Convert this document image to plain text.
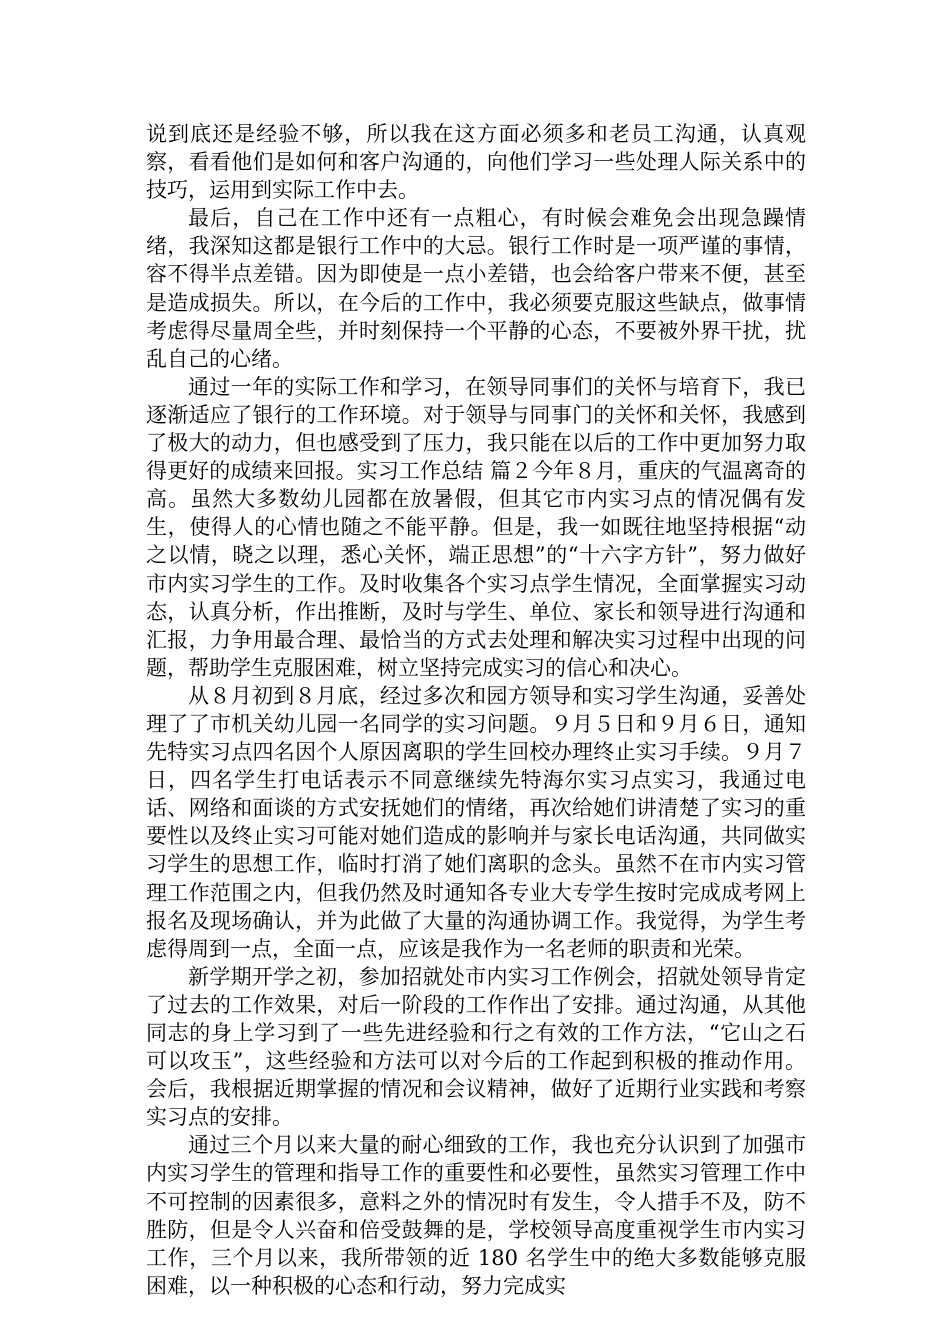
说到底还是经验不够，所以我在这方面必须多和老员工沟通，认真观察，看看他们是如何和客户沟通的，向他们学习一些处理人际关系中的技巧，运用到实际工作中去。

最后，自己在工作中还有一点粗心，有时候会难免会出现急躁情绪，我深知这都是银行工作中的大忌。银行工作时是一项严谨的事情，容不得半点差错。因为即使是一点小差错，也会给客户带来不便，甚至是造成损失。所以，在今后的工作中，我必须要克服这些缺点，做事情考虑得尽量周全些，并时刻保持一个平静的心态，不要被外界干扰，扰乱自己的心绪。

通过一年的实际工作和学习，在领导同事们的关怀与培育下，我已逐渐适应了银行的工作环境。对于领导与同事门的关怀和关怀，我感到了极大的动力，但也感受到了压力，我只能在以后的工作中更加努力取得更好的成绩来回报。实习工作总结 篇２今年８月，重庆的气温离奇的高。虽然大多数幼儿园都在放暑假，但其它市内实习点的情况偶有发生，使得人的心情也随之不能平静。但是，我一如既往地坚持根据“动之以情，晓之以理，悉心关怀，端正思想”的“十六字方针”，努力做好市内实习学生的工作。及时收集各个实习点学生情况，全面掌握实习动态，认真分析，作出推断，及时与学生、单位、家长和领导进行沟通和汇报，力争用最合理、最恰当的方式去处理和解决实习过程中出现的问题，帮助学生克服困难，树立坚持完成实习的信心和决心。

从８月初到８月底，经过多次和园方领导和实习学生沟通，妥善处理了了市机关幼儿园一名同学的实习问题。９月５日和９月６日，通知先特实习点四名因个人原因离职的学生回校办理终止实习手续。９月７日，四名学生打电话表示不同意继续先特海尔实习点实习，我通过电话、网络和面谈的方式安抚她们的情绪，再次给她们讲清楚了实习的重要性以及终止实习可能对她们造成的影响并与家长电话沟通，共同做实习学生的思想工作，临时打消了她们离职的念头。虽然不在市内实习管理工作范围之内，但我仍然及时通知各专业大专学生按时完成成考网上报名及现场确认，并为此做了大量的沟通协调工作。我觉得，为学生考虑得周到一点，全面一点，应该是我作为一名老师的职责和光荣。

新学期开学之初，参加招就处市内实习工作例会，招就处领导肯定了过去的工作效果，对后一阶段的工作作出了安排。通过沟通，从其他同志的身上学习到了一些先进经验和行之有效的工作方法，“它山之石可以攻玉”，这些经验和方法可以对今后的工作起到积极的推动作用。会后，我根据近期掌握的情况和会议精神，做好了近期行业实践和考察实习点的安排。

通过三个月以来大量的耐心细致的工作，我也充分认识到了加强市内实习学生的管理和指导工作的重要性和必要性，虽然实习管理工作中不可控制的因素很多，意料之外的情况时有发生，令人措手不及，防不胜防，但是令人兴奋和倍受鼓舞的是，学校领导高度重视学生市内实习工作，三个月以来，我所带领的近 180 名学生中的绝大多数能够克服困难，以一种积极的心态和行动，努力完成实
